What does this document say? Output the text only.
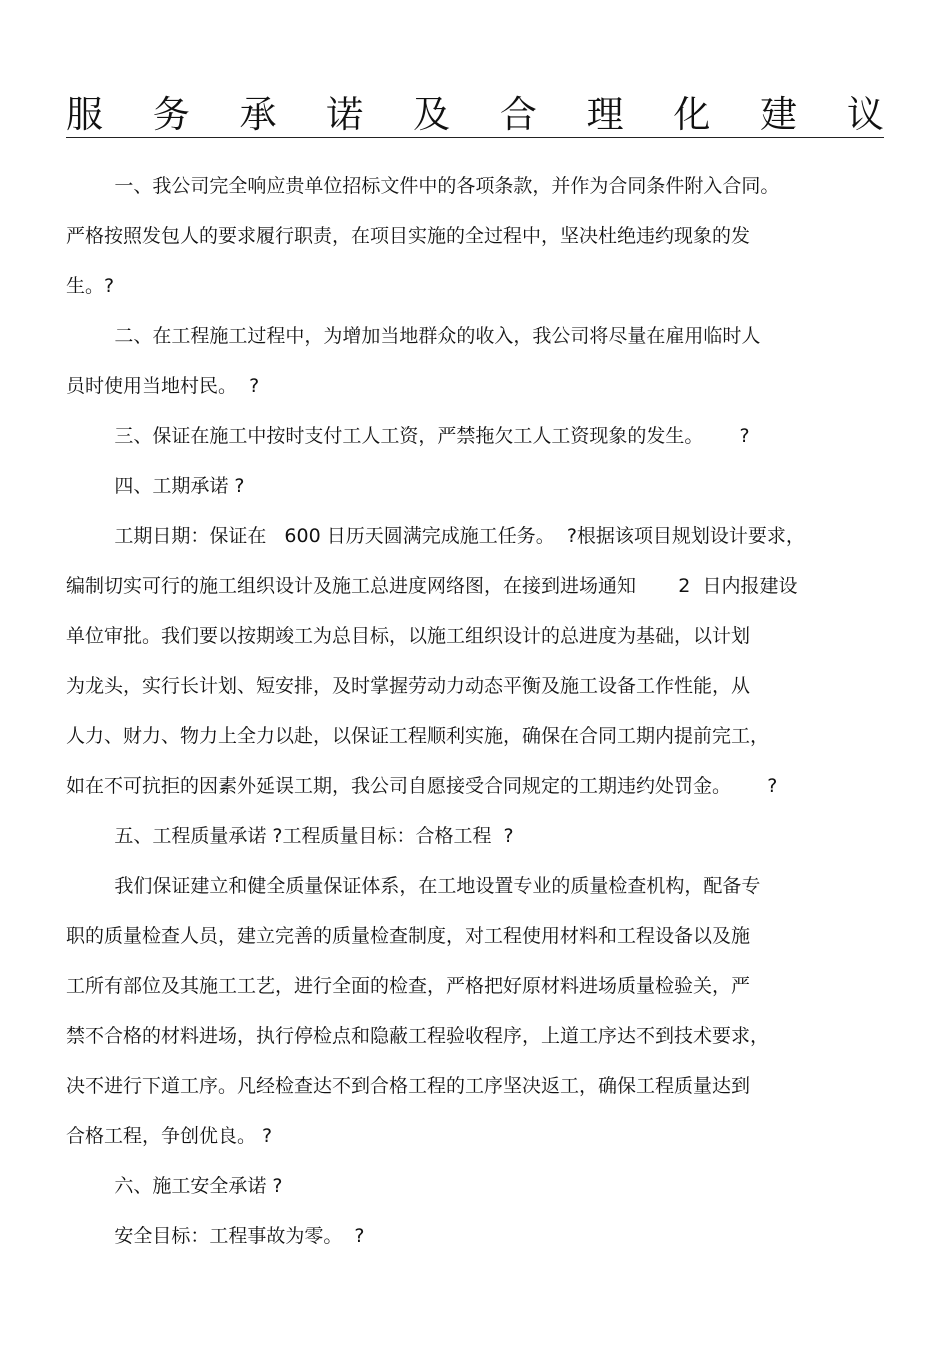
服 务 承 诺 及 合 理 化 建 议
一、我公司完全响应贵单位招标文件中的各项条款，并作为合同条件附入合同。
严格按照发包人的要求履行职责，在项目实施的全过程中，坚决杜绝违约现象的发
生。?
二、在工程施工过程中，为增加当地群众的收入，我公司将尽量在雇用临时人
员时使用当地村民。  ?
三、保证在施工中按时支付工人工资，严禁拖欠工人工资现象的发生。      ?
四、工期承诺 ?
工期日期：保证在   600 日历天圆满完成施工任务。  ?根据该项目规划设计要求，
编制切实可行的施工组织设计及施工总进度网络图，在接到进场通知       2  日内报建设
单位审批。我们要以按期竣工为总目标，以施工组织设计的总进度为基础，以计划
为龙头，实行长计划、短安排，及时掌握劳动力动态平衡及施工设备工作性能，从
人力、财力、物力上全力以赴，以保证工程顺利实施，确保在合同工期内提前完工，
如在不可抗拒的因素外延误工期，我公司自愿接受合同规定的工期违约处罚金。      ?
五、工程质量承诺 ?工程质量目标：合格工程  ?
我们保证建立和健全质量保证体系，在工地设置专业的质量检查机构，配备专
职的质量检查人员，建立完善的质量检查制度，对工程使用材料和工程设备以及施
工所有部位及其施工工艺，进行全面的检查，严格把好原材料进场质量检验关，严
禁不合格的材料进场，执行停检点和隐蔽工程验收程序，上道工序达不到技术要求，
决不进行下道工序。凡经检查达不到合格工程的工序坚决返工，确保工程质量达到
合格工程，争创优良。 ?
六、施工安全承诺 ?
安全目标：工程事故为零。  ?
